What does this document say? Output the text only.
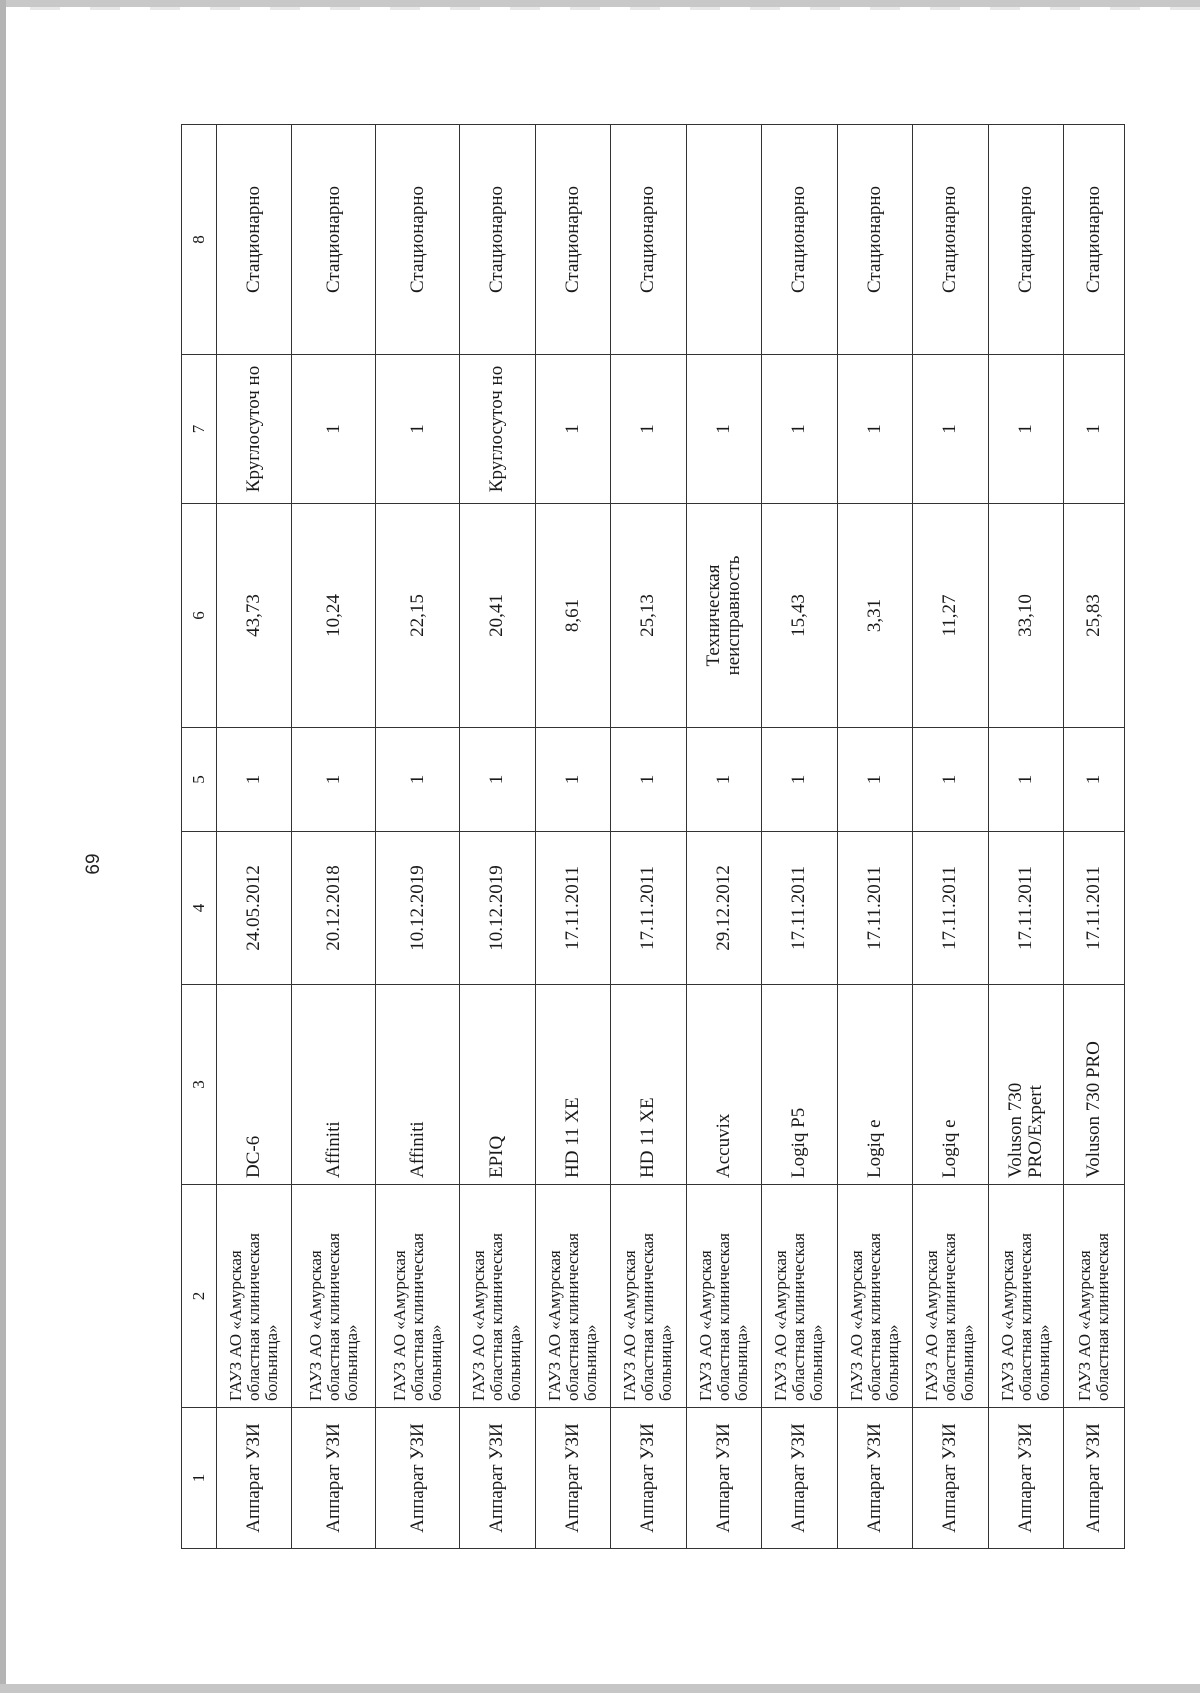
69
1	2	3	4	5	6	7	8
Аппарат УЗИ	ГАУЗ АО «Амурская областная клиническая больница»	DC-6	24.05.2012	1	43,73	Круглосуточ но	Стационарно
Аппарат УЗИ	ГАУЗ АО «Амурская областная клиническая больница»	Affiniti	20.12.2018	1	10,24	1	Стационарно
Аппарат УЗИ	ГАУЗ АО «Амурская областная клиническая больница»	Affiniti	10.12.2019	1	22,15	1	Стационарно
Аппарат УЗИ	ГАУЗ АО «Амурская областная клиническая больница»	EPIQ	10.12.2019	1	20,41	Круглосуточ но	Стационарно
Аппарат УЗИ	ГАУЗ АО «Амурская областная клиническая больница»	HD 11 XE	17.11.2011	1	8,61	1	Стационарно
Аппарат УЗИ	ГАУЗ АО «Амурская областная клиническая больница»	HD 11 XE	17.11.2011	1	25,13	1	Стационарно
Аппарат УЗИ	ГАУЗ АО «Амурская областная клиническая больница»	Accuvix	29.12.2012	1	Техническая неисправность	1	
Аппарат УЗИ	ГАУЗ АО «Амурская областная клиническая больница»	Logiq P5	17.11.2011	1	15,43	1	Стационарно
Аппарат УЗИ	ГАУЗ АО «Амурская областная клиническая больница»	Logiq e	17.11.2011	1	3,31	1	Стационарно
Аппарат УЗИ	ГАУЗ АО «Амурская областная клиническая больница»	Logiq e	17.11.2011	1	11,27	1	Стационарно
Аппарат УЗИ	ГАУЗ АО «Амурская областная клиническая больница»	Voluson 730 PRO/Expert	17.11.2011	1	33,10	1	Стационарно
Аппарат УЗИ	ГАУЗ АО «Амурская областная клиническая	Voluson 730 PRO	17.11.2011	1	25,83	1	Стационарно
